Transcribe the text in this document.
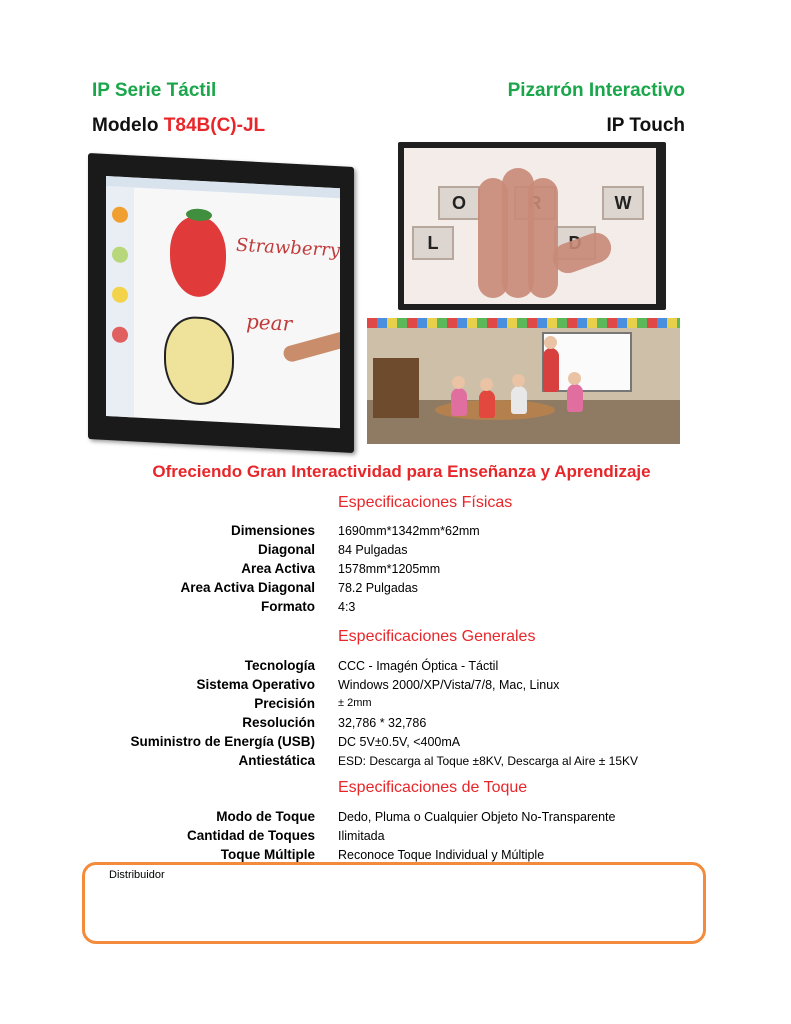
IP Serie Táctil	Pizarrón Interactivo
Modelo T84B(C)-JL	IP Touch
Strawberry
pear
O	W
L
Ofreciendo Gran Interactividad para Enseñanza y Aprendizaje
Especificaciones Físicas
Dimensiones 1690mm*1342mm*62mm
Diagonal 84 Pulgadas
Area Activa 1578mm*1205mm
Area Activa Diagonal 78.2 Pulgadas
Formato 4:3
Especificaciones Generales
Tecnología CCC - Imagén Óptica - Táctil
Sistema Operativo Windows 2000/XP/Vista/7/8, Mac, Linux
Precisión ± 2mm
Resolución 32,786 * 32,786
Suministro de Energía (USB) DC 5V±0.5V, <400mA
Antiestática ESD: Descarga al Toque ±8KV, Descarga al Aire ± 15KV
Especificaciones de Toque
Modo de Toque Dedo, Pluma o Cualquier Objeto No-Transparente
Cantidad de Toques Ilimitada
Toque Múltiple Reconoce Toque Individual y Múltiple
Distribuidor
